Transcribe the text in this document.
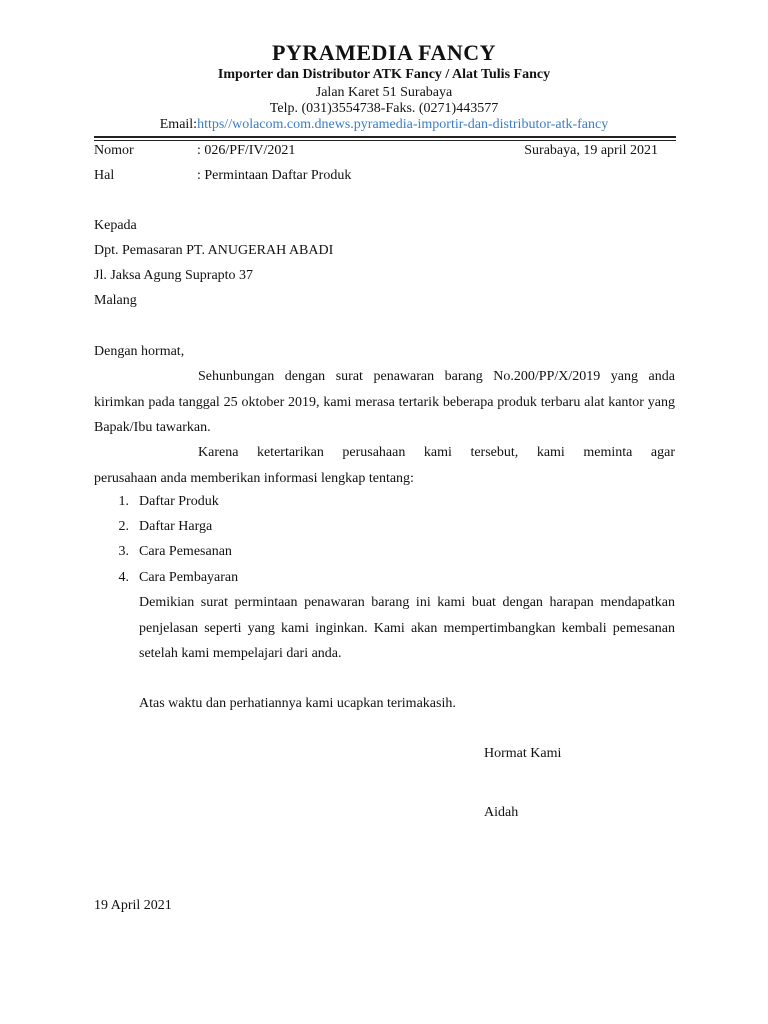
PYRAMEDIA FANCY
Importer dan Distributor ATK Fancy / Alat Tulis Fancy
Jalan Karet 51 Surabaya
Telp. (031)3554738-Faks. (0271)443577
Email:https//wolacom.com.dnews.pyramedia-importir-dan-distributor-atk-fancy
Nomor	: 026/PF/IV/2021	Surabaya, 19 april 2021
Hal	: Permintaan Daftar Produk
Kepada
Dpt. Pemasaran PT. ANUGERAH ABADI
Jl. Jaksa Agung Suprapto 37
Malang
Dengan hormat,
Sehunbungan dengan surat penawaran barang No.200/PP/X/2019 yang anda
kirimkan pada tanggal 25 oktober 2019, kami merasa tertarik beberapa produk terbaru alat kantor yang Bapak/Ibu tawarkan.
Karena ketertarikan perusahaan kami tersebut, kami meminta agar
perusahaan anda memberikan informasi lengkap tentang:
1. Daftar Produk
2. Daftar Harga
3. Cara Pemesanan
4. Cara Pembayaran
Demikian surat permintaan penawaran barang ini kami buat dengan harapan mendapatkan penjelasan seperti yang kami inginkan. Kami akan mempertimbangkan kembali pemesanan setelah kami mempelajari dari anda.
Atas waktu dan perhatiannya kami ucapkan terimakasih.
Hormat Kami
Aidah
19 April 2021
